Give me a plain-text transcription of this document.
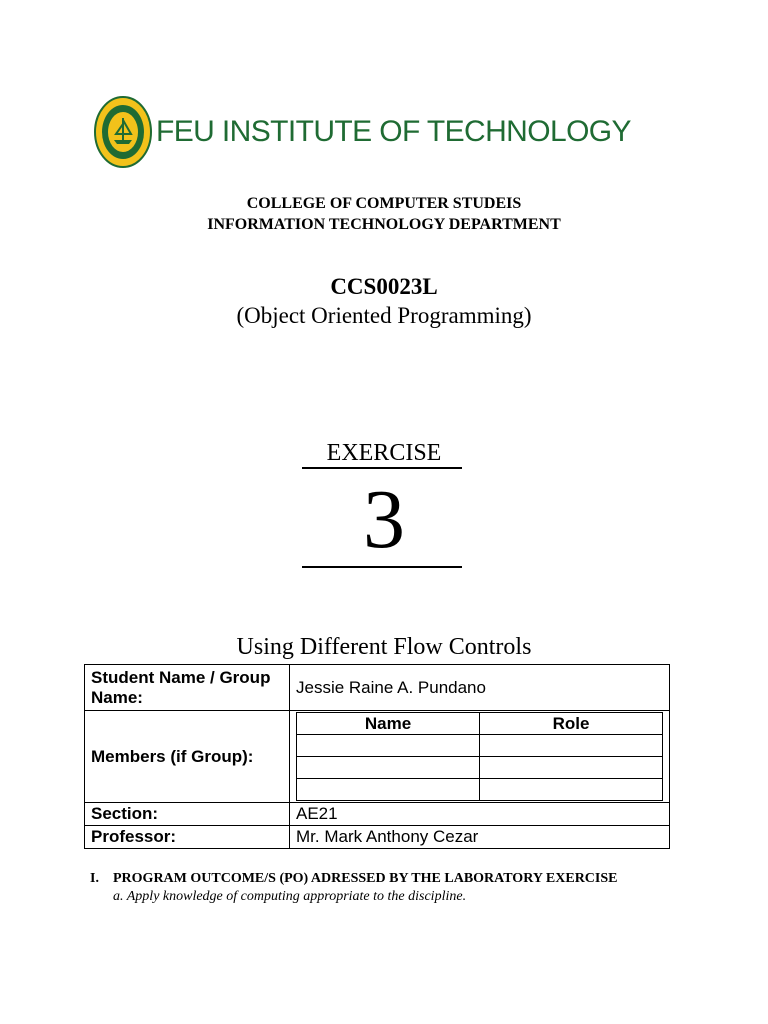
FEU INSTITUTE OF TECHNOLOGY
COLLEGE OF COMPUTER STUDEIS
INFORMATION TECHNOLOGY DEPARTMENT
CCS0023L
(Object Oriented Programming)
EXERCISE
3
Using Different Flow Controls
Student Name / Group Name:	Jessie Raine A. Pundano
Members (if Group):	
Name	Role

Section:	AE21
Professor:	Mr. Mark Anthony Cezar
I. PROGRAM OUTCOME/S (PO) ADRESSED BY THE LABORATORY EXERCISE
a. Apply knowledge of computing appropriate to the discipline.
